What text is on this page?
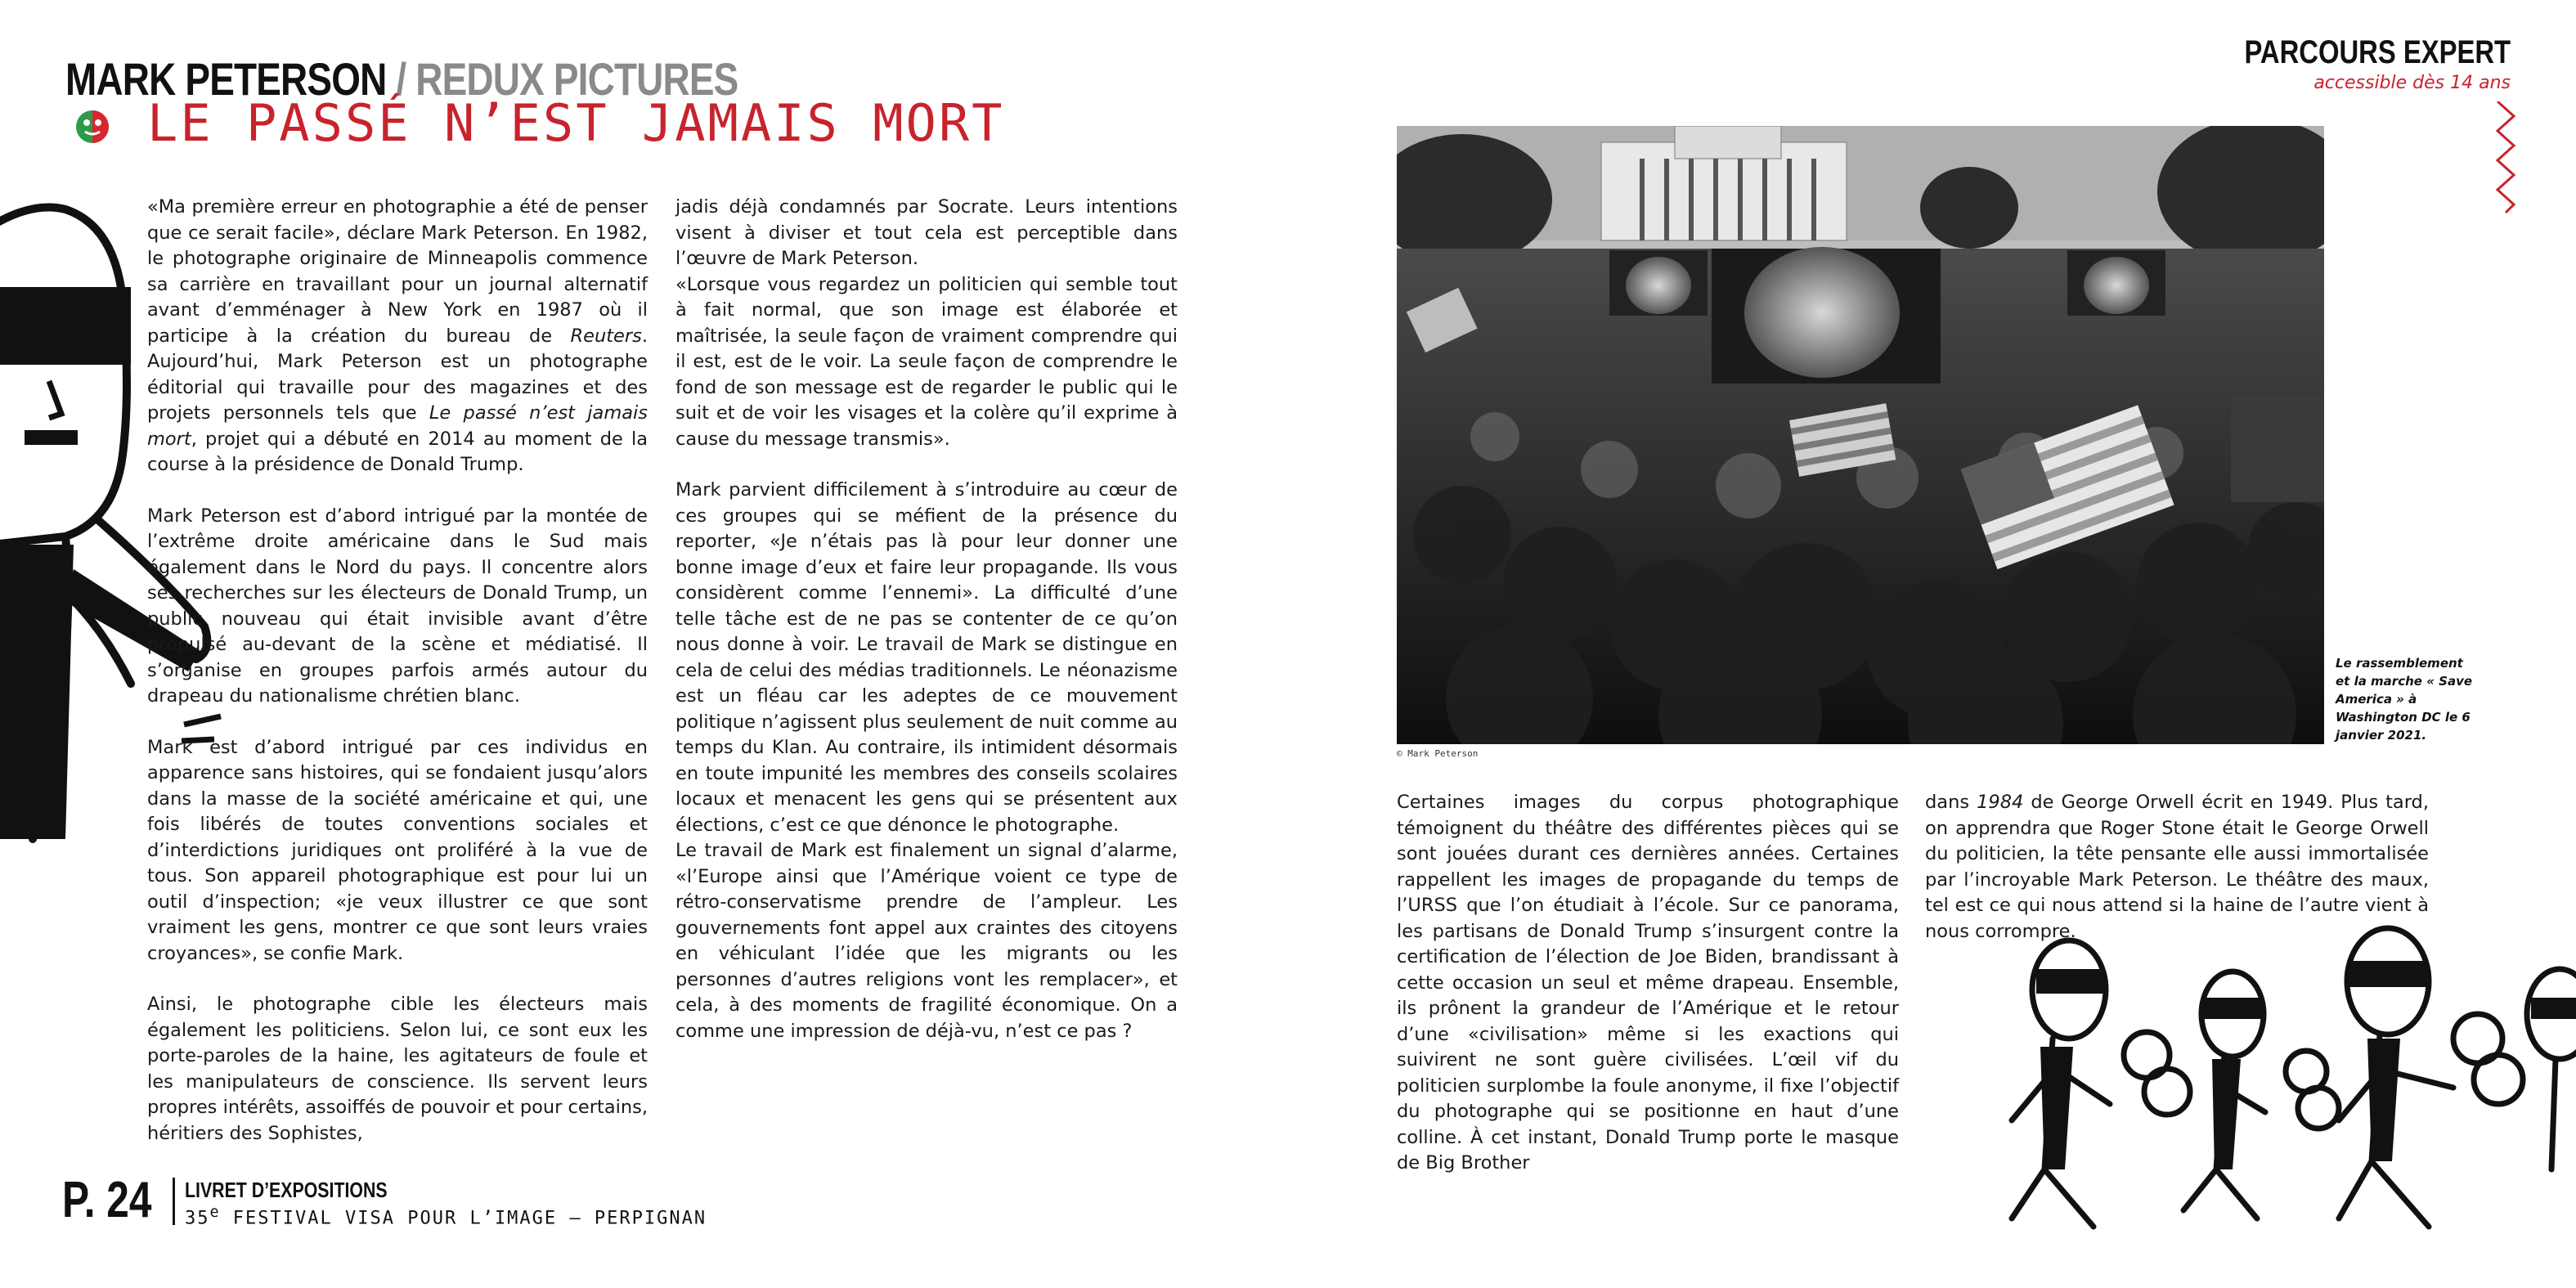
MARK PETERSON / REDUX PICTURES
LE PASSÉ N’EST JAMAIS MORT

«Ma première erreur en photographie a été de penser que ce serait facile», déclare Mark Peterson. En 1982, le photographe originaire de Minneapolis commence sa carrière en travaillant pour un journal alternatif avant d’emménager à New York en 1987 où il participe à la création du bureau de Reuters. Aujourd’hui, Mark Peterson est un photographe éditorial qui travaille pour des magazines et des projets personnels tels que Le passé n’est jamais mort, projet qui a débuté en 2014 au moment de la course à la présidence de Donald Trump.

Mark Peterson est d’abord intrigué par la montée de l’extrême droite américaine dans le Sud mais également dans le Nord du pays. Il concentre alors ses recherches sur les électeurs de Donald Trump, un public nouveau qui était invisible avant d’être propulsé au-devant de la scène et médiatisé. Il s’organise en groupes parfois armés autour du drapeau du nationalisme chrétien blanc.

Mark est d’abord intrigué par ces individus en apparence sans histoires, qui se fondaient jusqu’alors dans la masse de la société américaine et qui, une fois libérés de toutes conventions sociales et d’interdictions juridiques ont proliféré à la vue de tous. Son appareil photographique est pour lui un outil d’inspection; «je veux illustrer ce que sont vraiment les gens, montrer ce que sont leurs vraies croyances», se confie Mark.

Ainsi, le photographe cible les électeurs mais également les politiciens. Selon lui, ce sont eux les porte-paroles de la haine, les agitateurs de foule et les manipulateurs de conscience. Ils servent leurs propres intérêts, assoiffés de pouvoir et pour certains, héritiers des Sophistes,

jadis déjà condamnés par Socrate. Leurs intentions visent à diviser et tout cela est perceptible dans l’œuvre de Mark Peterson.

«Lorsque vous regardez un politicien qui semble tout à fait normal, que son image est élaborée et maîtrisée, la seule façon de vraiment comprendre qui il est, est de le voir. La seule façon de comprendre le fond de son message est de regarder le public qui le suit et de voir les visages et la colère qu’il exprime à cause du message transmis».

Mark parvient difficilement à s’introduire au cœur de ces groupes qui se méfient de la présence du reporter, «Je n’étais pas là pour leur donner une bonne image d’eux et faire leur propagande. Ils vous considèrent comme l’ennemi». La difficulté d’une telle tâche est de ne pas se contenter de ce qu’on nous donne à voir. Le travail de Mark se distingue en cela de celui des médias traditionnels. Le néonazisme est un fléau car les adeptes de ce mouvement politique n’agissent plus seulement de nuit comme au temps du Klan. Au contraire, ils intimident désormais en toute impunité les membres des conseils scolaires locaux et menacent les gens qui se présentent aux élections, c’est ce que dénonce le photographe.

Le travail de Mark est finalement un signal d’alarme, «l’Europe ainsi que l’Amérique voient ce type de rétro-conservatisme prendre de l’ampleur. Les gouvernements font appel aux craintes des citoyens en véhiculant l’idée que les migrants ou les personnes d’autres religions vont les remplacer», et cela, à des moments de fragilité économique. On a comme une impression de déjà-vu, n’est ce pas ?

P. 24 LIVRET D’EXPOSITIONS
35e FESTIVAL VISA POUR L’IMAGE – PERPIGNAN
PARCOURS EXPERT
accessible dès 14 ans
© Mark Peterson
Le rassemblement et la marche « Save America » à Washington DC le 6 janvier 2021.

Certaines images du corpus photographique témoignent du théâtre des différentes pièces qui se sont jouées durant ces dernières années. Certaines rappellent les images de propagande du temps de l’URSS que l’on étudiait à l’école. Sur ce panorama, les partisans de Donald Trump s’insurgent contre la certification de l’élection de Joe Biden, brandissant à cette occasion un seul et même drapeau. Ensemble, ils prônent la grandeur de l’Amérique et le retour d’une «civilisation» même si les exactions qui suivirent ne sont guère civilisées. L’œil vif du politicien surplombe la foule anonyme, il fixe l’objectif du photographe qui se positionne en haut d’une colline. À cet instant, Donald Trump porte le masque de Big Brother

dans 1984 de George Orwell écrit en 1949. Plus tard, on apprendra que Roger Stone était le George Orwell du politicien, la tête pensante elle aussi immortalisée par l’incroyable Mark Peterson. Le théâtre des maux, tel est ce qui nous attend si la haine de l’autre vient à nous corrompre.
